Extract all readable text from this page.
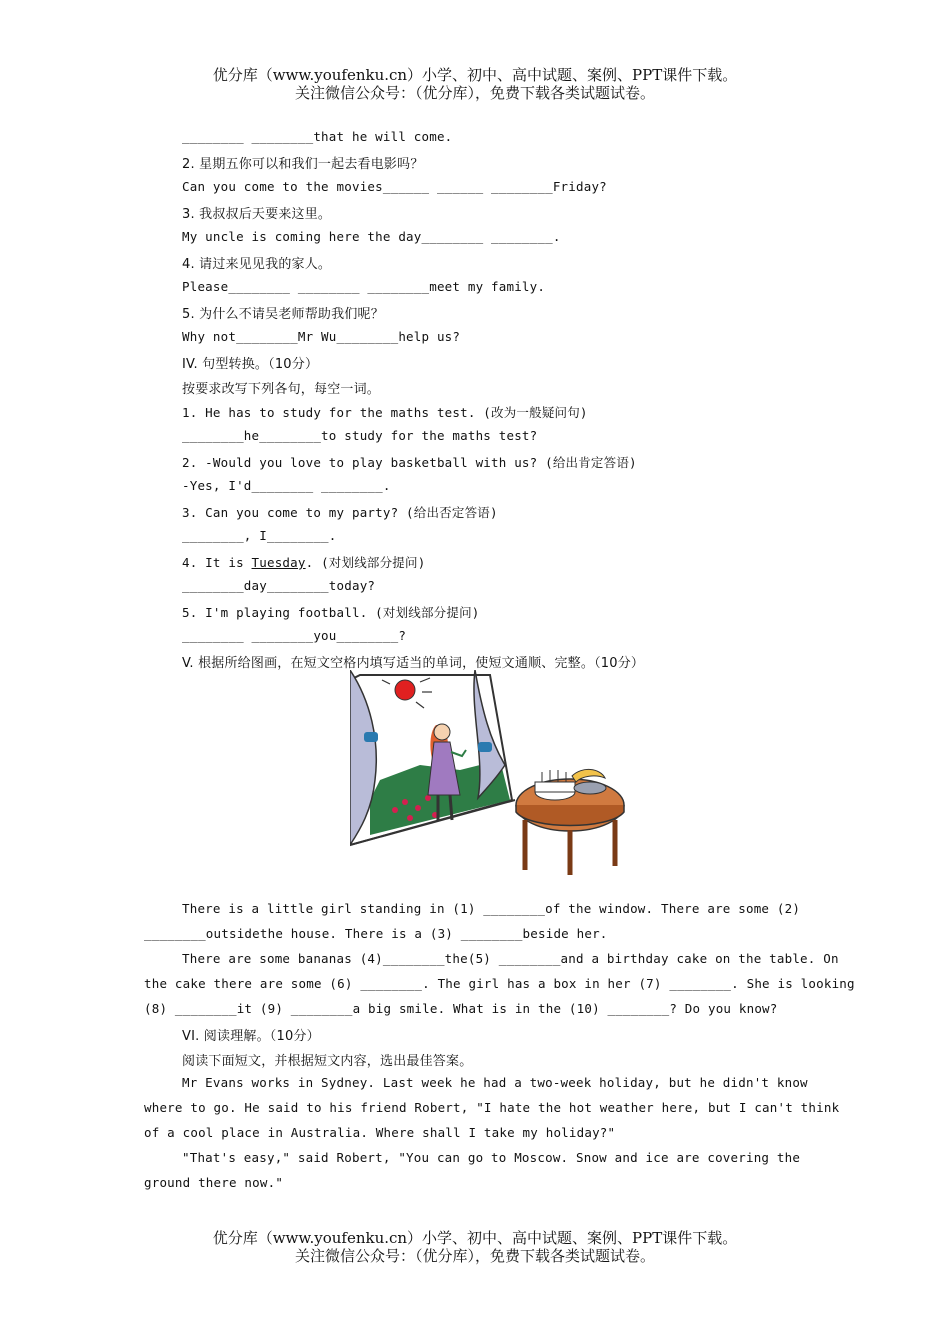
优分库（www.youfenku.cn）小学、初中、高中试题、案例、PPT课件下载。
关注微信公众号：（优分库），免费下载各类试题试卷。
________ ________that he will come.
2. 星期五你可以和我们一起去看电影吗？
Can you come to the movies______ ______ ________Friday?
3. 我叔叔后天要来这里。
My uncle is coming here the day________ ________.
4. 请过来见见我的家人。
Please________ ________ ________meet my family.
5. 为什么不请吴老师帮助我们呢？
Why not________Mr Wu________help us?
IV. 句型转换。（10分）
按要求改写下列各句，每空一词。
1. He has to study for the maths test. (改为一般疑问句)
________he________to study for the maths test?
2. -Would you love to play basketball with us? (给出肯定答语)
-Yes, I'd________ ________.
3. Can you come to my party? (给出否定答语)
________, I________.
4. It is Tuesday. (对划线部分提问)
________day________today?
5. I'm playing football. (对划线部分提问)
________ ________you________?
V. 根据所给图画，在短文空格内填写适当的单词，使短文通顺、完整。（10分）
There is a little girl standing in (1) ________of the window. There are some (2)
________outsidethe house. There is a (3) ________beside her.
There are some bananas (4)________the(5) ________and a birthday cake on the table. On
the cake there are some (6) ________. The girl has a box in her (7) ________. She is looking
(8) ________it (9) ________a big smile. What is in the (10) ________? Do you know?
VI. 阅读理解。（10分）
阅读下面短文，并根据短文内容，选出最佳答案。
Mr Evans works in Sydney. Last week he had a two-week holiday, but he didn't know
where to go. He said to his friend Robert, "I hate the hot weather here, but I can't think
of a cool place in Australia. Where shall I take my holiday?"
"That's easy," said Robert, "You can go to Moscow. Snow and ice are covering the
ground there now."
优分库（www.youfenku.cn）小学、初中、高中试题、案例、PPT课件下载。
关注微信公众号：（优分库），免费下载各类试题试卷。
